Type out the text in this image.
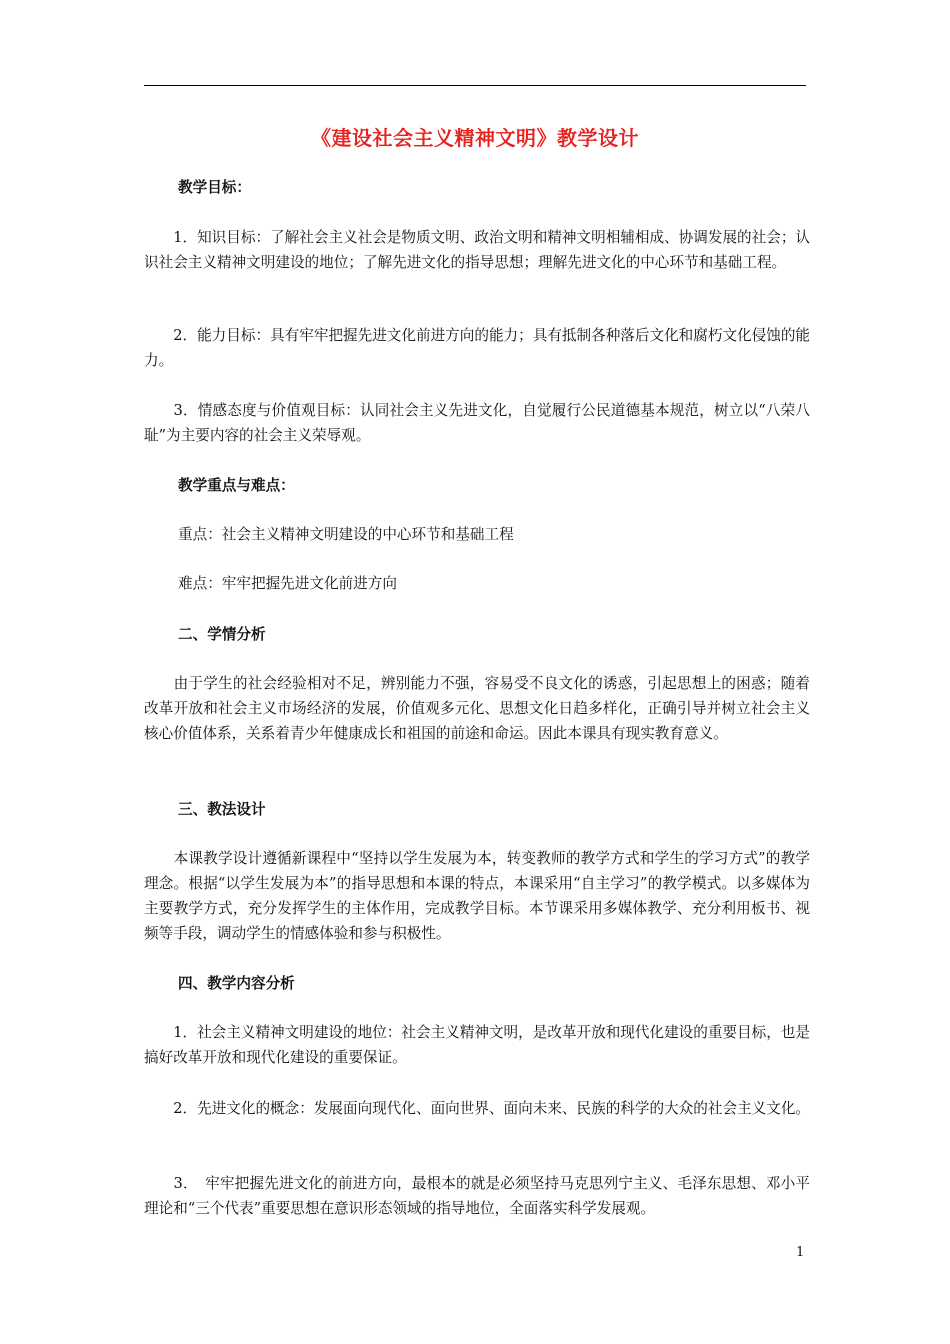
《建设社会主义精神文明》教学设计
教学目标：
　　1．知识目标：了解社会主义社会是物质文明、政治文明和精神文明相辅相成、协调发展的社会；认识社会主义精神文明建设的地位；了解先进文化的指导思想；理解先进文化的中心环节和基础工程。
　　2．能力目标：具有牢牢把握先进文化前进方向的能力；具有抵制各种落后文化和腐朽文化侵蚀的能力。
　　3．情感态度与价值观目标：认同社会主义先进文化，自觉履行公民道德基本规范，树立以“八荣八耻”为主要内容的社会主义荣辱观。
教学重点与难点：
重点：社会主义精神文明建设的中心环节和基础工程
难点：牢牢把握先进文化前进方向
二、学情分析
　　由于学生的社会经验相对不足，辨别能力不强，容易受不良文化的诱惑，引起思想上的困惑；随着改革开放和社会主义市场经济的发展，价值观多元化、思想文化日趋多样化，正确引导并树立社会主义核心价值体系，关系着青少年健康成长和祖国的前途和命运。因此本课具有现实教育意义。
三、教法设计
　　本课教学设计遵循新课程中“坚持以学生发展为本，转变教师的教学方式和学生的学习方式”的教学理念。根据“以学生发展为本”的指导思想和本课的特点，本课采用“自主学习”的教学模式。以多媒体为主要教学方式，充分发挥学生的主体作用，完成教学目标。本节课采用多媒体教学、充分利用板书、视频等手段，调动学生的情感体验和参与积极性。
四、教学内容分析
　　1．社会主义精神文明建设的地位：社会主义精神文明，是改革开放和现代化建设的重要目标，也是搞好改革开放和现代化建设的重要保证。
　　2．先进文化的概念：发展面向现代化、面向世界、面向未来、民族的科学的大众的社会主义文化。
　　3．　牢牢把握先进文化的前进方向，最根本的就是必须坚持马克思列宁主义、毛泽东思想、邓小平理论和“三个代表”重要思想在意识形态领域的指导地位，全面落实科学发展观。
1
